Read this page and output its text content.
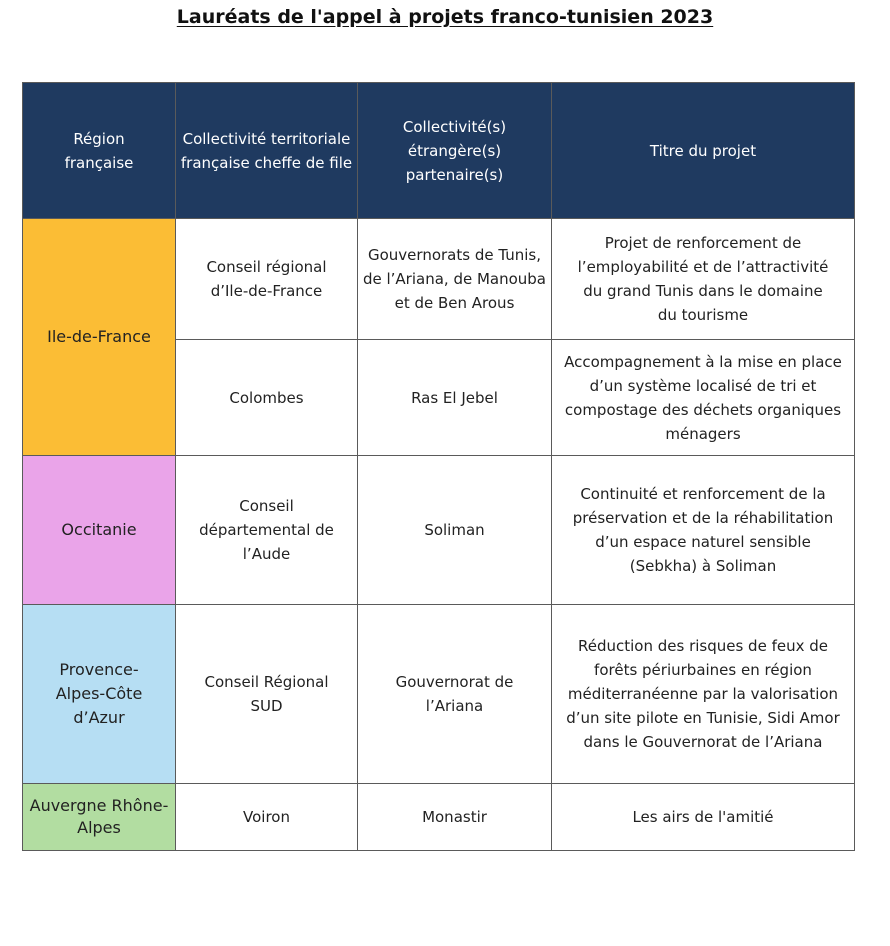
Lauréats de l'appel à projets franco-tunisien 2023
Région française	Collectivité territoriale française cheffe de file	Collectivité(s) étrangère(s) partenaire(s)	Titre du projet

Ile-de-France	Conseil régional d’Ile-de-France	Gouvernorats de Tunis, de l’Ariana, de Manouba et de Ben Arous	Projet de renforcement de l’employabilité et de l’attractivité du grand Tunis dans le domaine du tourisme

	Colombes	Ras El Jebel	Accompagnement à la mise en place d’un système localisé de tri et compostage des déchets organiques ménagers

Occitanie	Conseil départemental de l’Aude	Soliman	Continuité et renforcement de la préservation et de la réhabilitation d’un espace naturel sensible (Sebkha) à Soliman

Provence-Alpes-Côte d’Azur	Conseil Régional SUD	Gouvernorat de l’Ariana	Réduction des risques de feux de forêts périurbaines en région méditerranéenne par la valorisation d’un site pilote en Tunisie, Sidi Amor dans le Gouvernorat de l’Ariana

Auvergne Rhône-Alpes	Voiron	Monastir	Les airs de l'amitié
